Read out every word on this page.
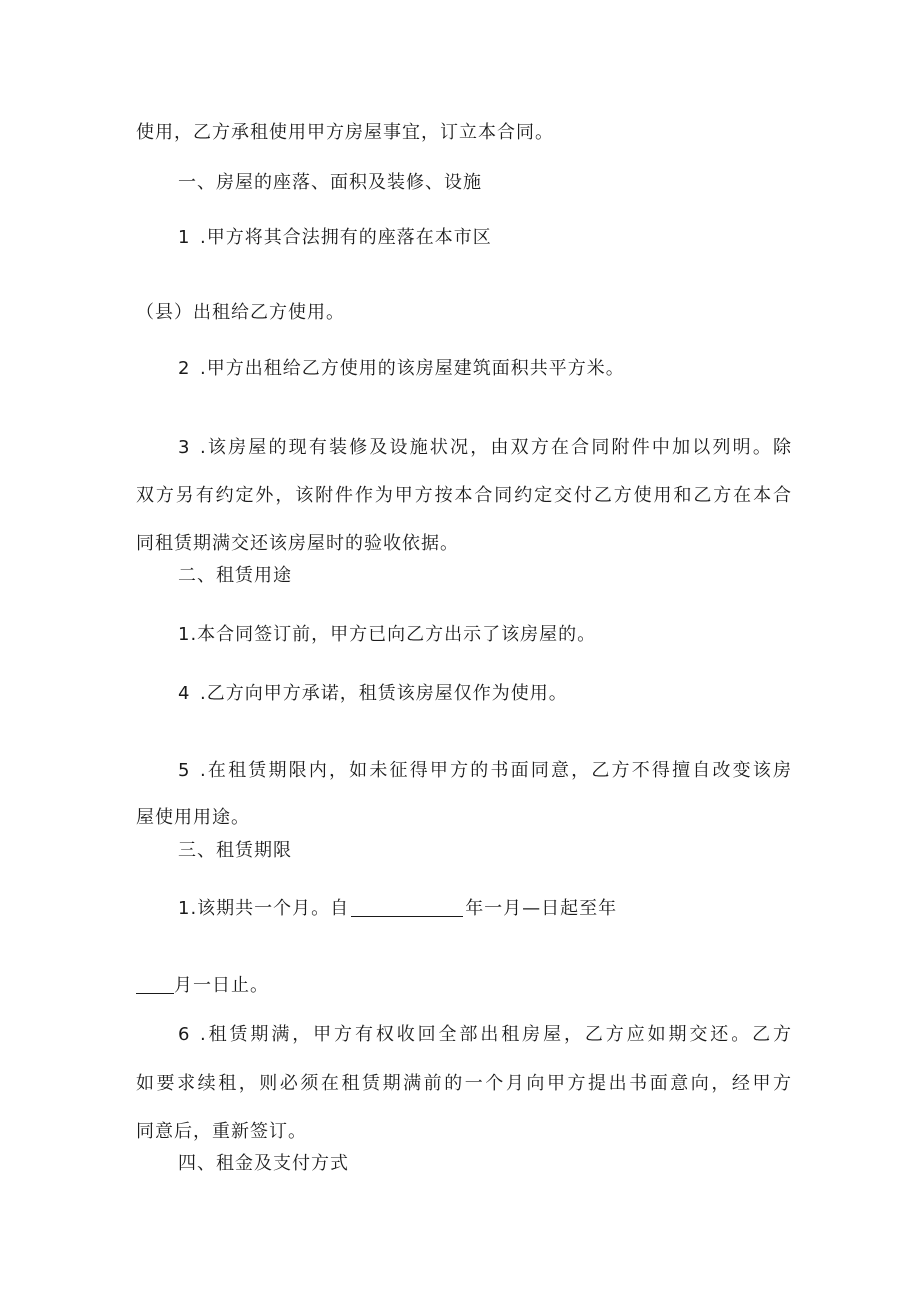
使用，乙方承租使用甲方房屋事宜，订立本合同。
一、房屋的座落、面积及装修、设施
1 .甲方将其合法拥有的座落在本市区
（县）出租给乙方使用。
2 .甲方出租给乙方使用的该房屋建筑面积共平方米。
3 .该房屋的现有装修及设施状况，由双方在合同附件中加以列明。除
双方另有约定外，该附件作为甲方按本合同约定交付乙方使用和乙方在本合
同租赁期满交还该房屋时的验收依据。
二、租赁用途
1.本合同签订前，甲方已向乙方出示了该房屋的。
4 .乙方向甲方承诺，租赁该房屋仅作为使用。
5 .在租赁期限内，如未征得甲方的书面同意，乙方不得擅自改变该房
屋使用用途。
三、租赁期限
1.该期共一个月。自	年一月—日起至年
月一日止。
6 .租赁期满，甲方有权收回全部出租房屋，乙方应如期交还。乙方
如要求续租，则必须在租赁期满前的一个月向甲方提出书面意向，经甲方
同意后，重新签订。
四、租金及支付方式
